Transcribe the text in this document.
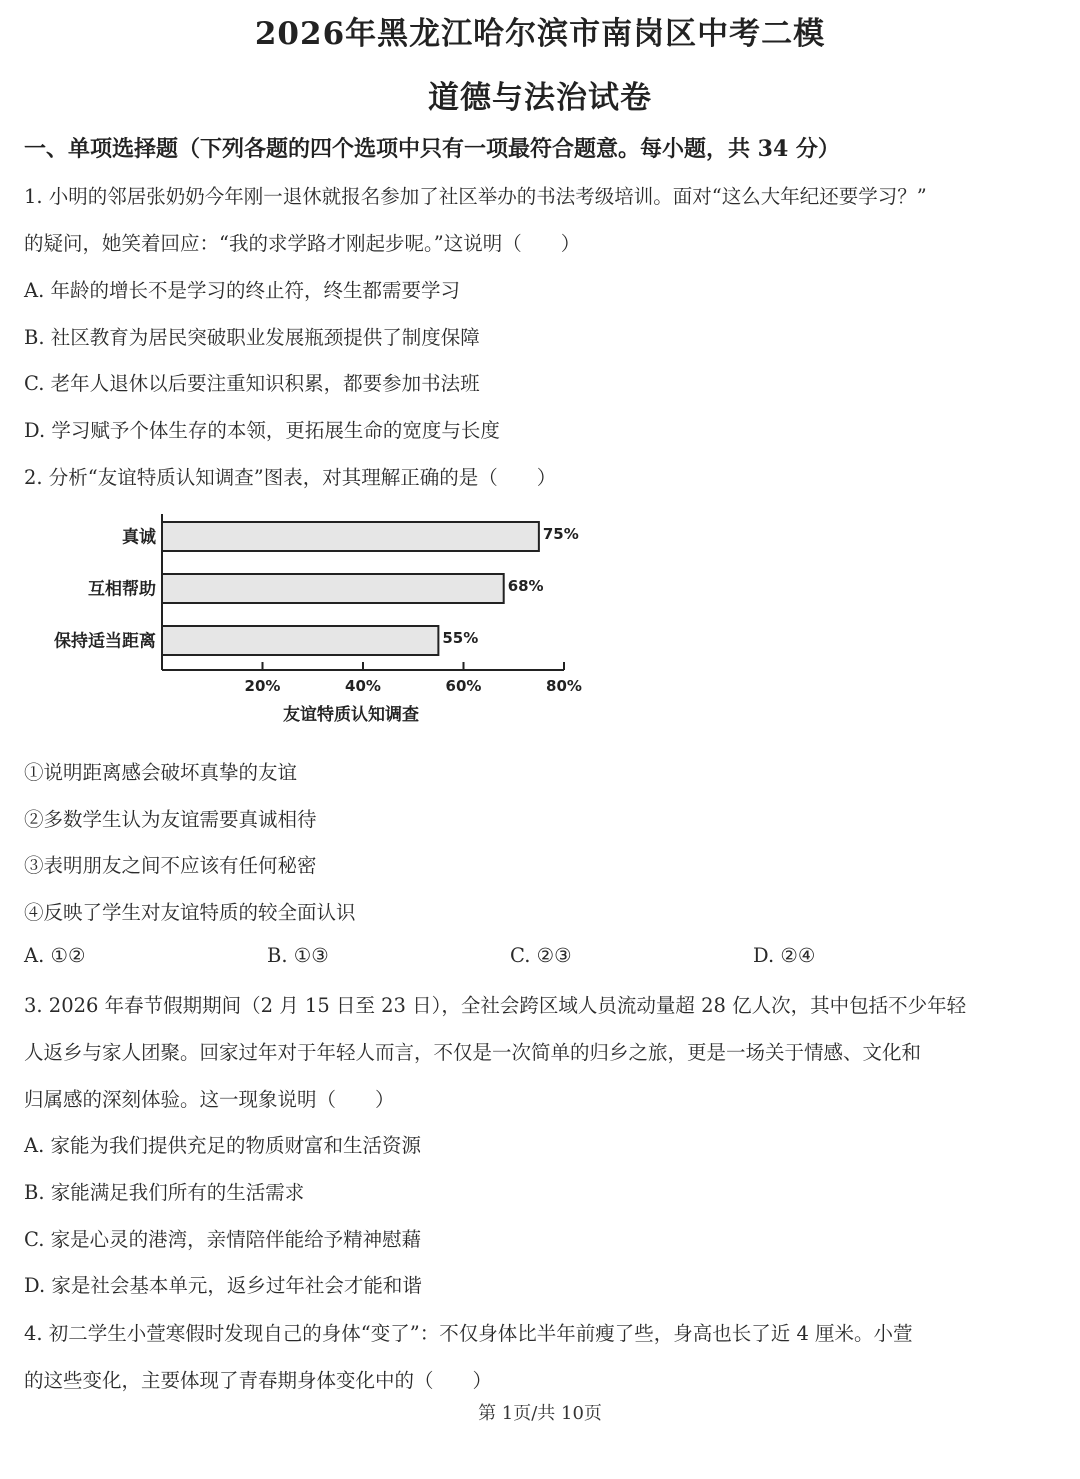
2026年黑龙江哈尔滨市南岗区中考二模
道德与法治试卷

一、单项选择题（下列各题的四个选项中只有一项最符合题意。每小题，共 34 分）

1. 小明的邻居张奶奶今年刚一退休就报名参加了社区举办的书法考级培训。面对“这么大年纪还要学习？”

的疑问，她笑着回应：“我的求学路才刚起步呢。”这说明（　　）

A. 年龄的增长不是学习的终止符，终生都需要学习

B. 社区教育为居民突破职业发展瓶颈提供了制度保障

C. 老年人退休以后要注重知识积累，都要参加书法班

D. 学习赋予个体生存的本领，更拓展生命的宽度与长度

2. 分析“友谊特质认知调查”图表，对其理解正确的是（　　）

真诚	75%
互相帮助	68%
保持适当距离	55%
20%	40%	60%	80%
友谊特质认知调查

①说明距离感会破坏真挚的友谊

②多数学生认为友谊需要真诚相待

③表明朋友之间不应该有任何秘密

④反映了学生对友谊特质的较全面认识

A. ①②	B. ①③	C. ②③	D. ②④

3. 2026 年春节假期期间（2 月 15 日至 23 日），全社会跨区域人员流动量超 28 亿人次，其中包括不少年轻

人返乡与家人团聚。回家过年对于年轻人而言，不仅是一次简单的归乡之旅，更是一场关于情感、文化和

归属感的深刻体验。这一现象说明（　　）

A. 家能为我们提供充足的物质财富和生活资源

B. 家能满足我们所有的生活需求

C. 家是心灵的港湾，亲情陪伴能给予精神慰藉

D. 家是社会基本单元，返乡过年社会才能和谐

4. 初二学生小萱寒假时发现自己的身体“变了”：不仅身体比半年前瘦了些，身高也长了近 4 厘米。小萱

的这些变化，主要体现了青春期身体变化中的（　　）

第 1页/共 10页
